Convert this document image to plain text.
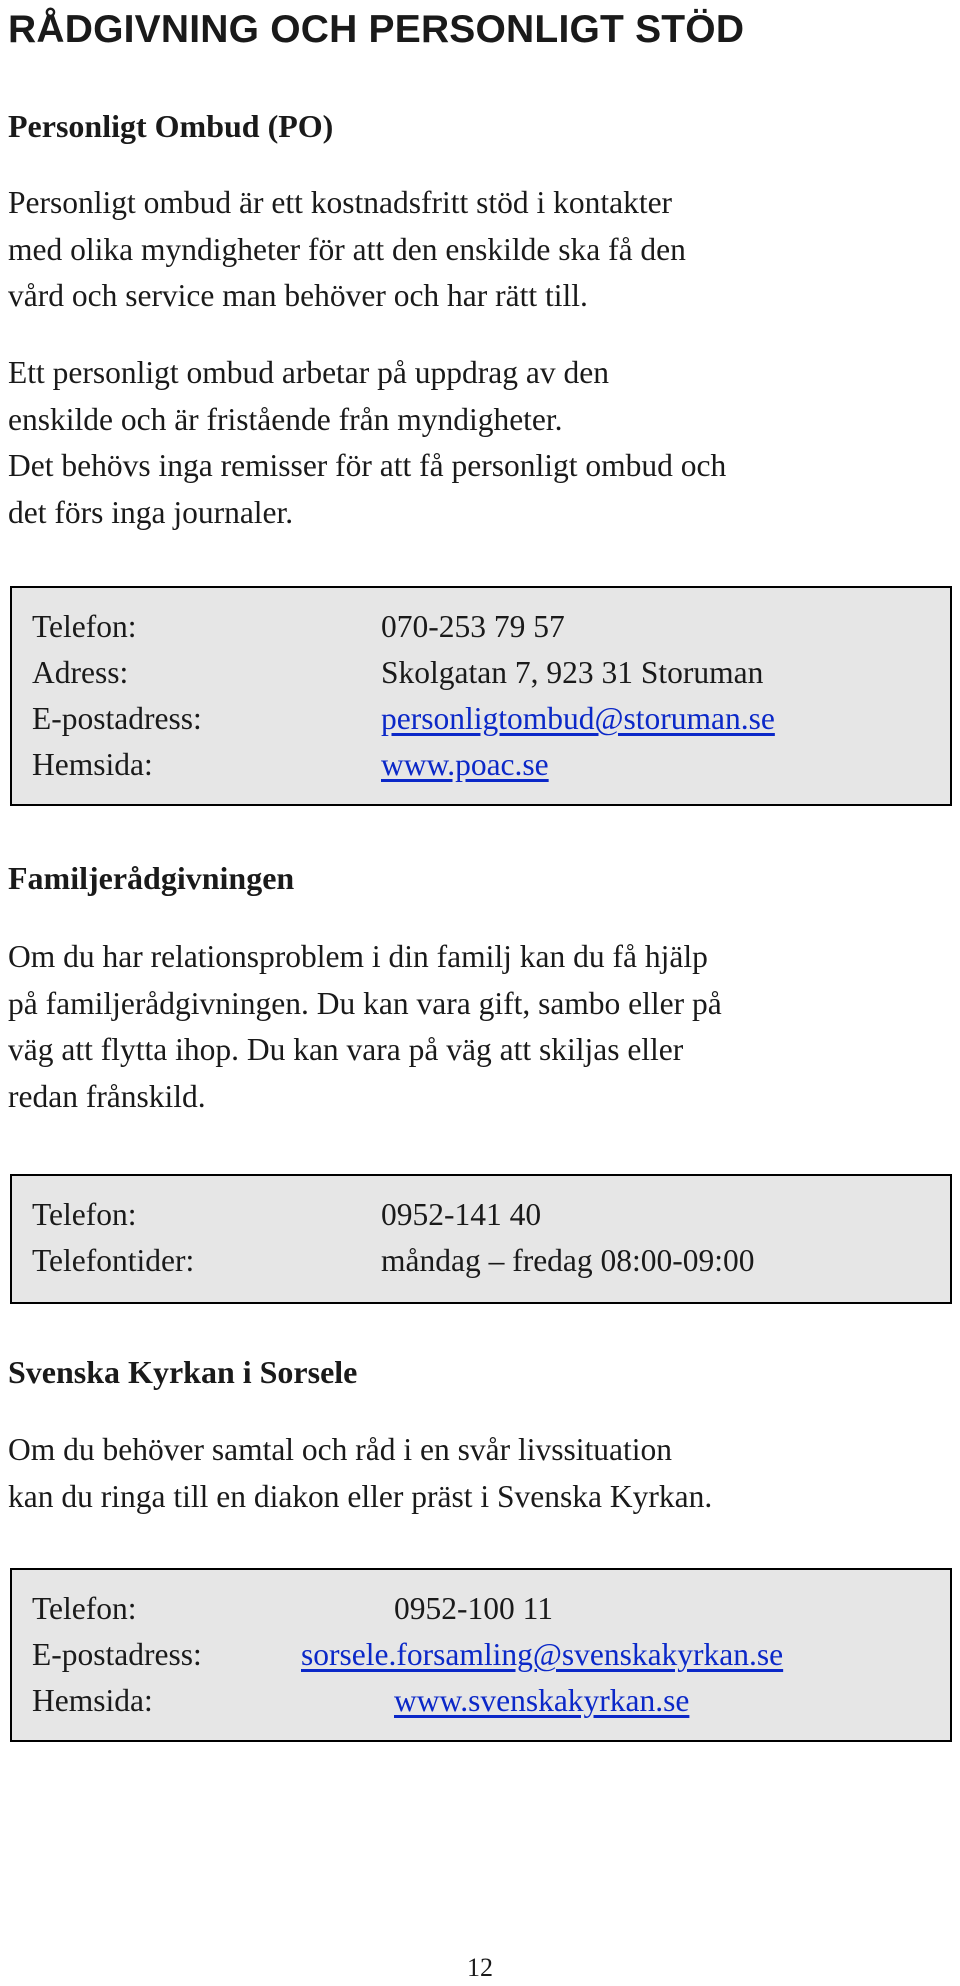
RÅDGIVNING OCH PERSONLIGT STÖD
Personligt Ombud (PO)

Personligt ombud är ett kostnadsfritt stöd i kontakter
med olika myndigheter för att den enskilde ska få den
vård och service man behöver och har rätt till.

Ett personligt ombud arbetar på uppdrag av den
enskilde och är fristående från myndigheter.
Det behövs inga remisser för att få personligt ombud och
det förs inga journaler.

Telefon:	070-253 79 57
Adress:	Skolgatan 7, 923 31 Storuman
E-postadress:	personligtombud@storuman.se
Hemsida:	www.poac.se
Familjerådgivningen

Om du har relationsproblem i din familj kan du få hjälp
på familjerådgivningen. Du kan vara gift, sambo eller på
väg att flytta ihop. Du kan vara på väg att skiljas eller
redan frånskild.

Telefon:	0952-141 40
Telefontider:	måndag – fredag 08:00-09:00
Svenska Kyrkan i Sorsele

Om du behöver samtal och råd i en svår livssituation
kan du ringa till en diakon eller präst i Svenska Kyrkan.

Telefon:	0952-100 11
E-postadress:	sorsele.forsamling@svenskakyrkan.se
Hemsida:	www.svenskakyrkan.se
12
